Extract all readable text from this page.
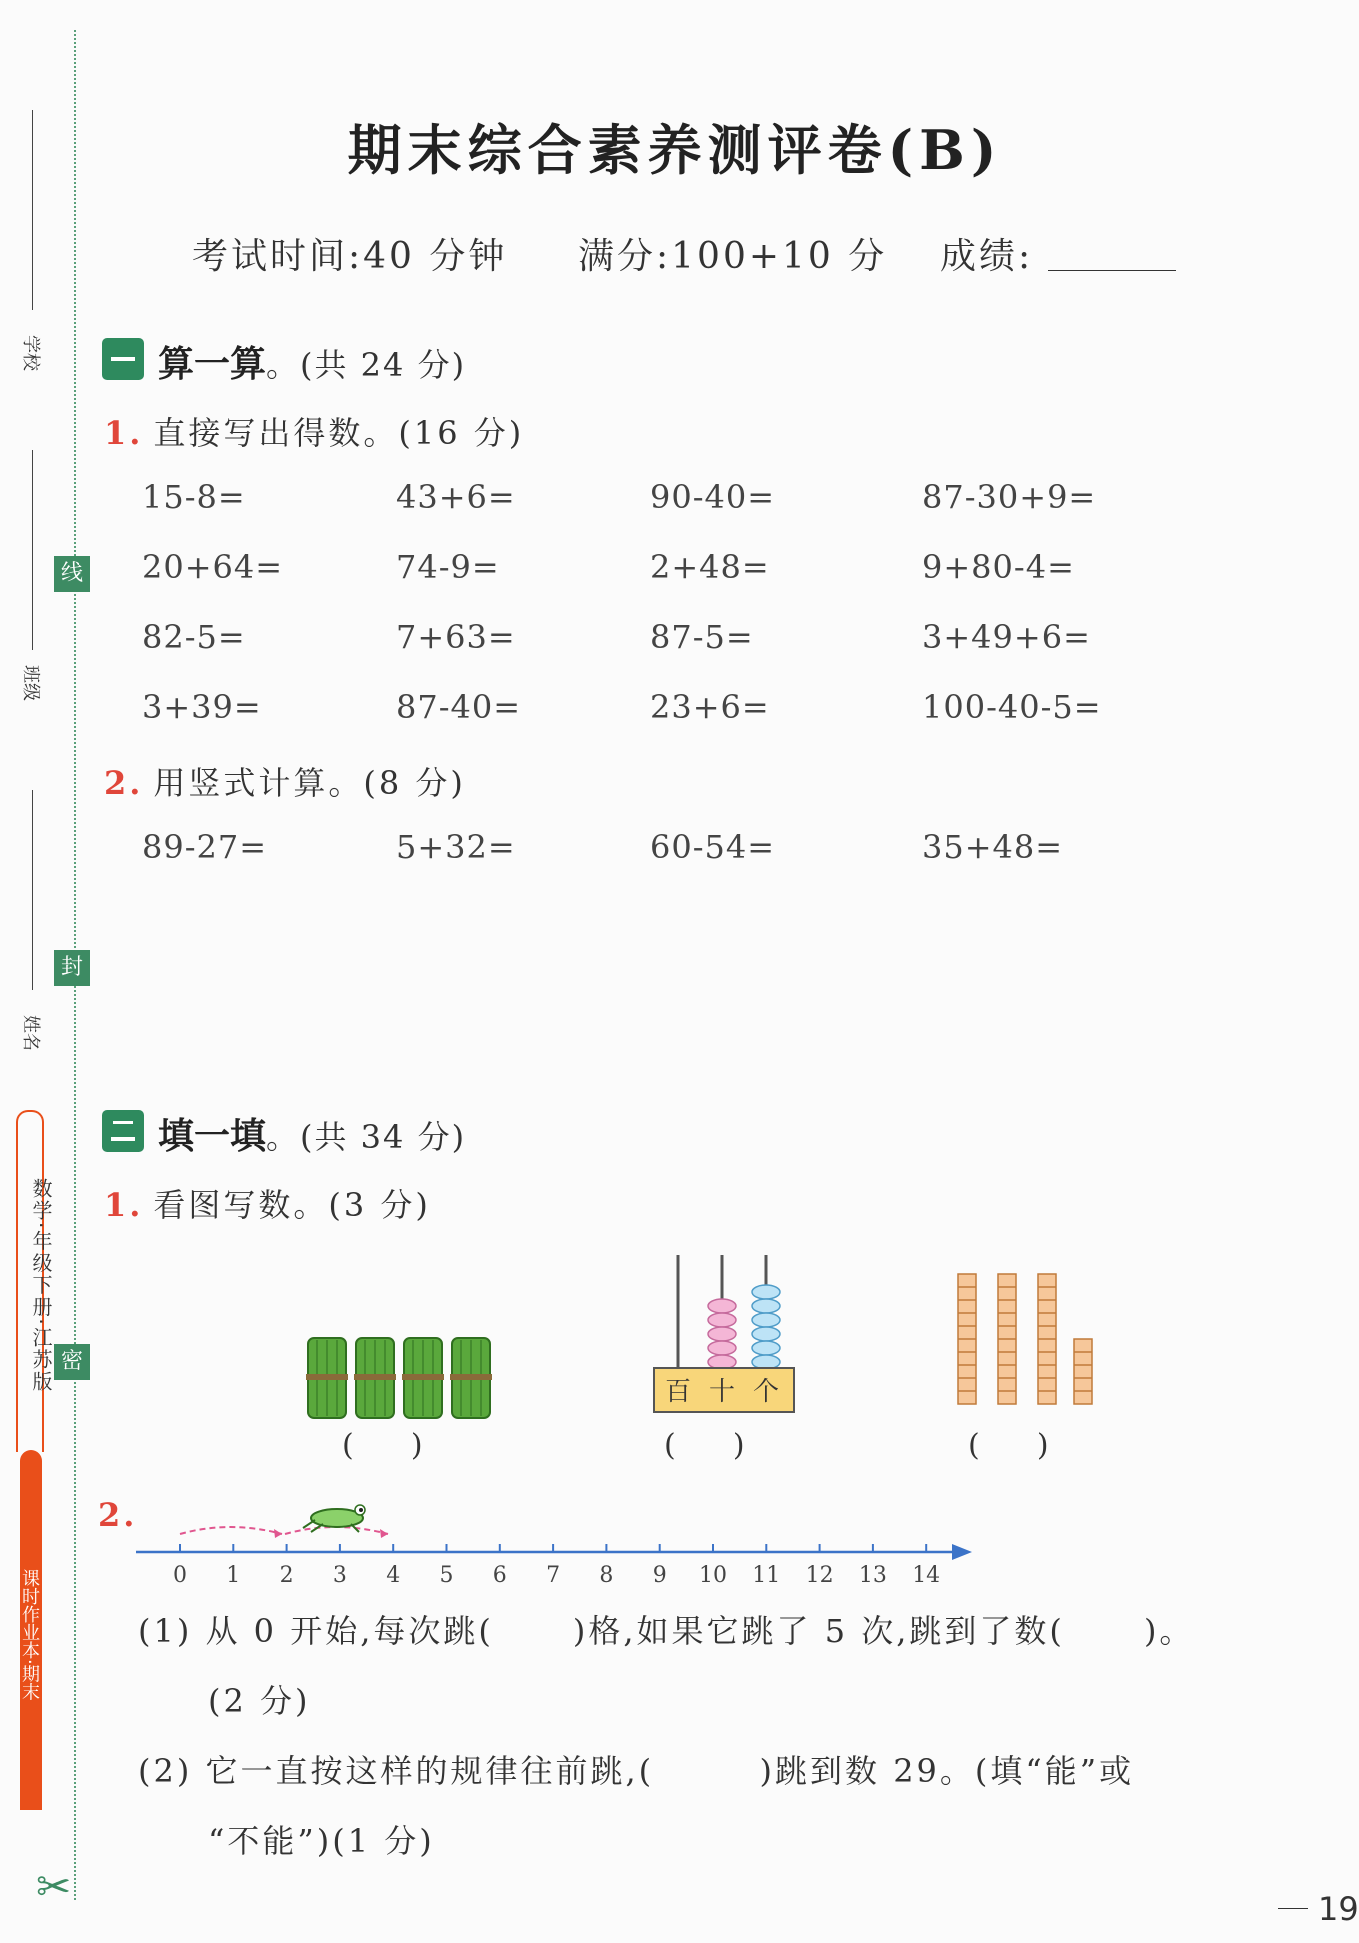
学校
班级
姓名
数学·年级下册·江苏版
课时作业本·期末
✂
线
封
密
期末综合素养测评卷(B)
考试时间:40 分钟 满分:100+10 分 成绩:
算一算。(共 24 分)
1. 直接写出得数。(16 分)
15-8=	43+6=	90-40=	87-30+9=
20+64=	74-9=	2+48=	9+80-4=
82-5=	7+63=	87-5=	3+49+6=
3+39=	87-40=	23+6=	100-40-5=
2. 用竖式计算。(8 分)
89-27=	5+32=	60-54=	35+48=
填一填。(共 34 分)
1. 看图写数。(3 分)
百 十 个
(      )	(      )	(      )
2.
0 1 2 3 4 5 6 7 8 9 10 11 12 13 14
(1) 从 0 开始,每次跳(      )格,如果它跳了 5 次,跳到了数(      )。
(2 分)
(2) 它一直按这样的规律往前跳,(        )跳到数 29。(填“能”或
“不能”)(1 分)
19
